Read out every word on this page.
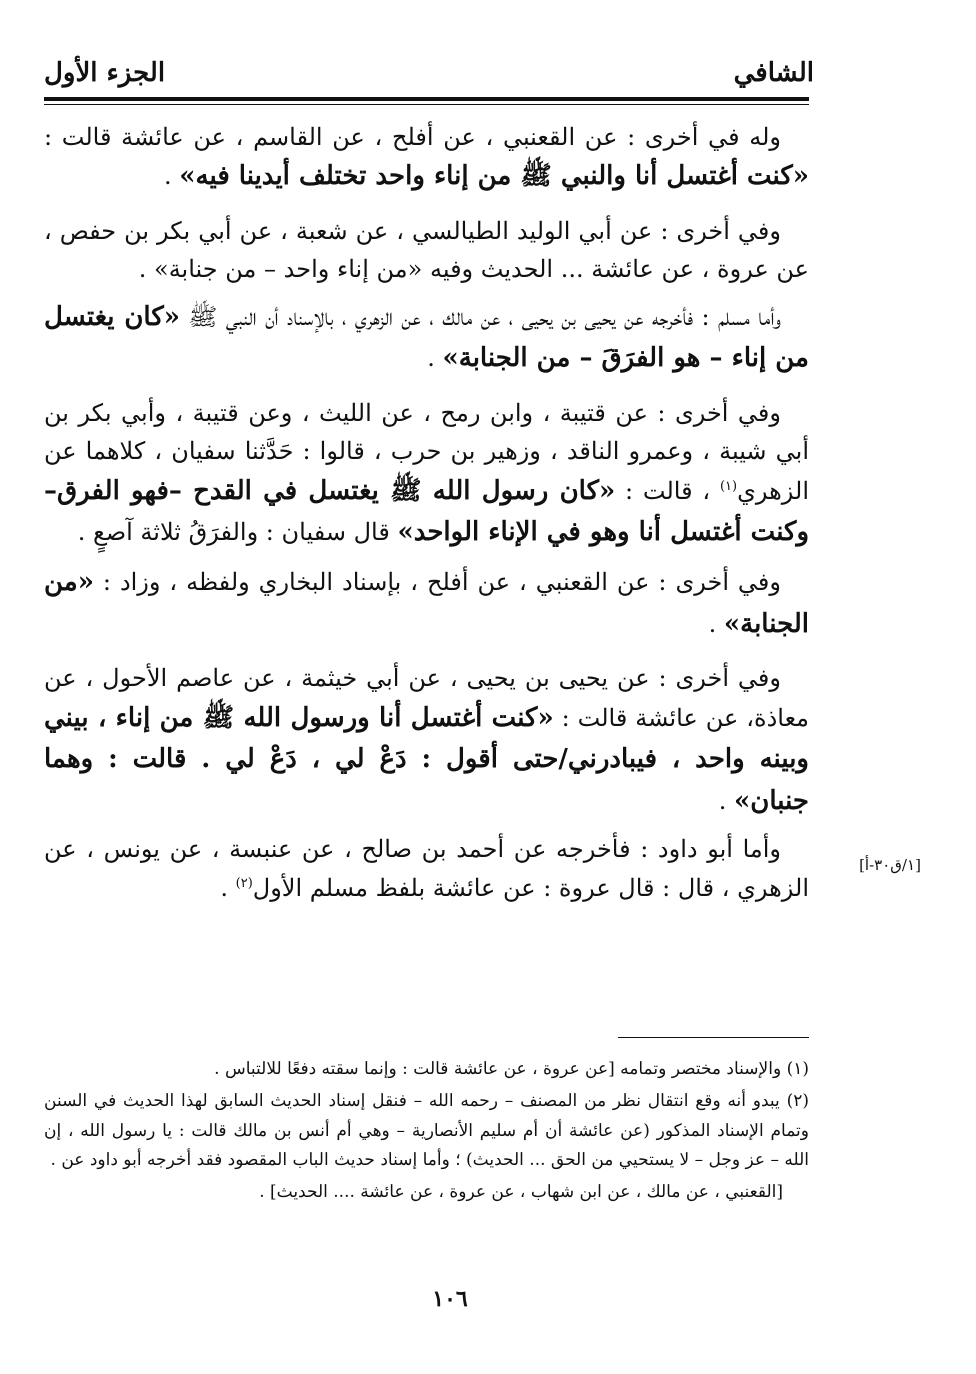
الشافي
الجزء الأول

وله في أخرى : عن القعنبي ، عن أفلح ، عن القاسم ، عن عائشة قالت : «كنت أغتسل أنا والنبي ﷺ من إناء واحد تختلف أيدينا فيه» .

وفي أخرى : عن أبي الوليد الطيالسي ، عن شعبة ، عن أبي بكر بن حفص ، عن عروة ، عن عائشة ... الحديث وفيه «من إناء واحد – من جنابة» .

وأما مسلم : فأخرجه عن يحيى بن يحيى ، عن مالك ، عن الزهري ، بالإسناد أن النبي ﷺ «كان يغتسل من إناء – هو الفرَقَ – من الجنابة» .

وفي أخرى : عن قتيبة ، وابن رمح ، عن الليث ، وعن قتيبة ، وأبي بكر بن أبي شيبة ، وعمرو الناقد ، وزهير بن حرب ، قالوا : حَدَّثنا سفيان ، كلاهما عن الزهري$^{(١)}$ ، قالت : «كان رسول الله ﷺ يغتسل في القدح –فهو الفرق– وكنت أغتسل أنا وهو في الإناء الواحد» قال سفيان : والفرَقُ ثلاثة آصعٍ .

وفي أخرى : عن القعنبي ، عن أفلح ، بإسناد البخاري ولفظه ، وزاد : «من الجنابة» .

وفي أخرى : عن يحيى بن يحيى ، عن أبي خيثمة ، عن عاصم الأحول ، عن معاذة، عن عائشة قالت : «كنت أغتسل أنا ورسول الله ﷺ من إناء ، بيني وبينه واحد ، فيبادرني/حتى أقول : دَعْ لي ، دَعْ لي . قالت : وهما جنبان» .

وأما أبو داود : فأخرجه عن أحمد بن صالح ، عن عنبسة ، عن يونس ، عن الزهري ، قال : قال عروة : عن عائشة بلفظ مسلم الأول$^{(٢)}$ .

[١/ق٣٠-أ]

(١) والإسناد مختصر وتمامه [عن عروة ، عن عائشة قالت : وإنما سقته دفعًا للالتباس .

(٢) يبدو أنه وقع انتقال نظر من المصنف – رحمه الله – فنقل إسناد الحديث السابق لهذا الحديث في السنن وتمام الإسناد المذكور (عن عائشة أن أم سليم الأنصارية – وهي أم أنس بن مالك قالت : يا رسول الله ، إن الله – عز وجل – لا يستحيي من الحق ... الحديث) ؛ وأما إسناد حديث الباب المقصود فقد أخرجه أبو داود عن .

[القعنبي ، عن مالك ، عن ابن شهاب ، عن عروة ، عن عائشة .... الحديث] .

١٠٦
